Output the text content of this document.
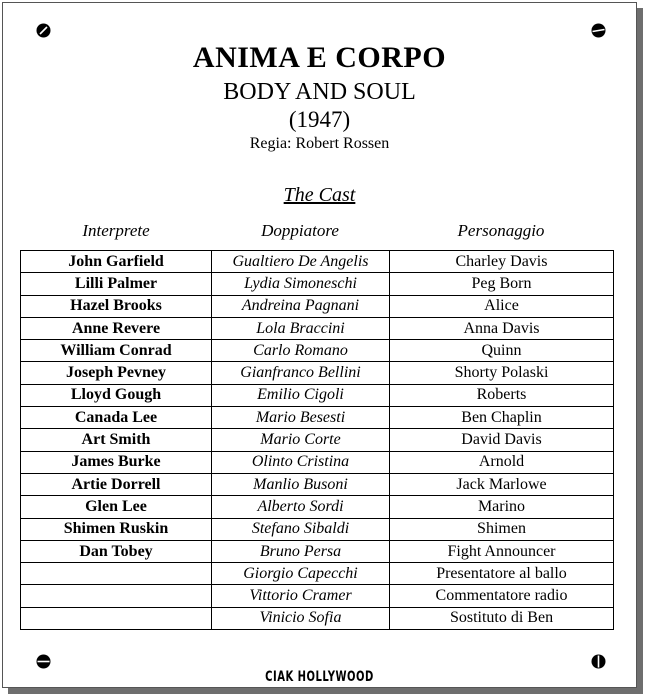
ANIMA E CORPO
BODY AND SOUL
(1947)
Regia: Robert Rossen
The Cast
Interprete	Doppiatore	Personaggio
John Garfield	Gualtiero De Angelis	Charley Davis
Lilli Palmer	Lydia Simoneschi	Peg Born
Hazel Brooks	Andreina Pagnani	Alice
Anne Revere	Lola Braccini	Anna Davis
William Conrad	Carlo Romano	Quinn
Joseph Pevney	Gianfranco Bellini	Shorty Polaski
Lloyd Gough	Emilio Cigoli	Roberts
Canada Lee	Mario Besesti	Ben Chaplin
Art Smith	Mario Corte	David Davis
James Burke	Olinto Cristina	Arnold
Artie Dorrell	Manlio Busoni	Jack Marlowe
Glen Lee	Alberto Sordi	Marino
Shimen Ruskin	Stefano Sibaldi	Shimen
Dan Tobey	Bruno Persa	Fight Announcer
	Giorgio Capecchi	Presentatore al ballo
	Vittorio Cramer	Commentatore radio
	Vinicio Sofia	Sostituto di Ben
CIAK HOLLYWOOD
